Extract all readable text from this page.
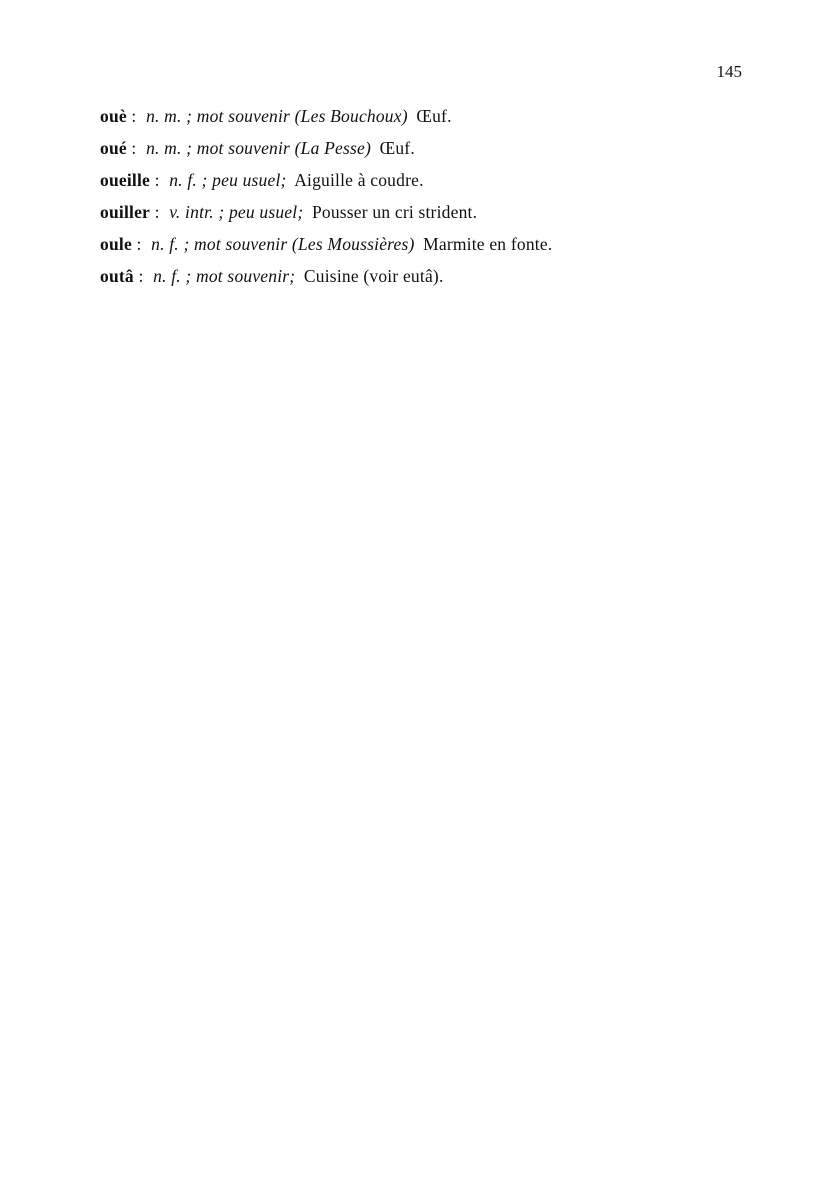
145
ouè : n. m. ; mot souvenir (Les Bouchoux) Œuf.
oué : n. m. ; mot souvenir (La Pesse) Œuf.
oueille : n. f. ; peu usuel; Aiguille à coudre.
ouiller : v. intr. ; peu usuel; Pousser un cri strident.
oule : n. f. ; mot souvenir (Les Moussières) Marmite en fonte.
outâ : n. f. ; mot souvenir; Cuisine (voir eutâ).
